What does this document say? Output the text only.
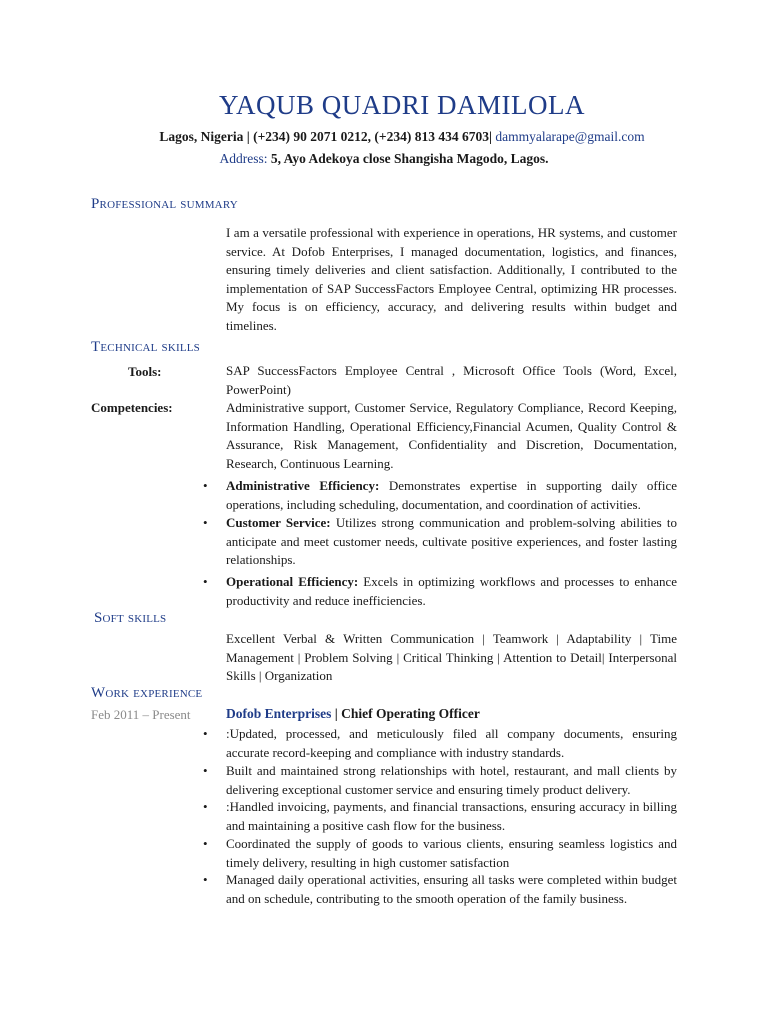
YAQUB QUADRI DAMILOLA
Lagos, Nigeria | (+234) 90 2071 0212, (+234) 813 434 6703| dammyalarape@gmail.com
Address: 5, Ayo Adekoya close Shangisha Magodo, Lagos.
Professional summary
I am a versatile professional with experience in operations, HR systems, and customer service. At Dofob Enterprises, I managed documentation, logistics, and finances, ensuring timely deliveries and client satisfaction. Additionally, I contributed to the implementation of SAP SuccessFactors Employee Central, optimizing HR processes. My focus is on efficiency, accuracy, and delivering results within budget and timelines.
Technical skills
Tools:	SAP SuccessFactors Employee Central , Microsoft Office Tools (Word, Excel, PowerPoint)
Competencies:	Administrative support, Customer Service, Regulatory Compliance, Record Keeping, Information Handling, Operational Efficiency,Financial Acumen, Quality Control & Assurance, Risk Management, Confidentiality and Discretion, Documentation, Research, Continuous Learning.
• Administrative Efficiency: Demonstrates expertise in supporting daily office operations, including scheduling, documentation, and coordination of activities.
• Customer Service: Utilizes strong communication and problem-solving abilities to anticipate and meet customer needs, cultivate positive experiences, and foster lasting relationships.
• Operational Efficiency: Excels in optimizing workflows and processes to enhance productivity and reduce inefficiencies.
Soft skills
Excellent Verbal & Written Communication | Teamwork | Adaptability | Time Management | Problem Solving | Critical Thinking | Attention to Detail| Interpersonal Skills | Organization
Work experience
Feb 2011 – Present	Dofob Enterprises | Chief Operating Officer
• :Updated, processed, and meticulously filed all company documents, ensuring accurate record-keeping and compliance with industry standards.
• Built and maintained strong relationships with hotel, restaurant, and mall clients by delivering exceptional customer service and ensuring timely product delivery.
• :Handled invoicing, payments, and financial transactions, ensuring accuracy in billing and maintaining a positive cash flow for the business.
• Coordinated the supply of goods to various clients, ensuring seamless logistics and timely delivery, resulting in high customer satisfaction
• Managed daily operational activities, ensuring all tasks were completed within budget and on schedule, contributing to the smooth operation of the family business.
